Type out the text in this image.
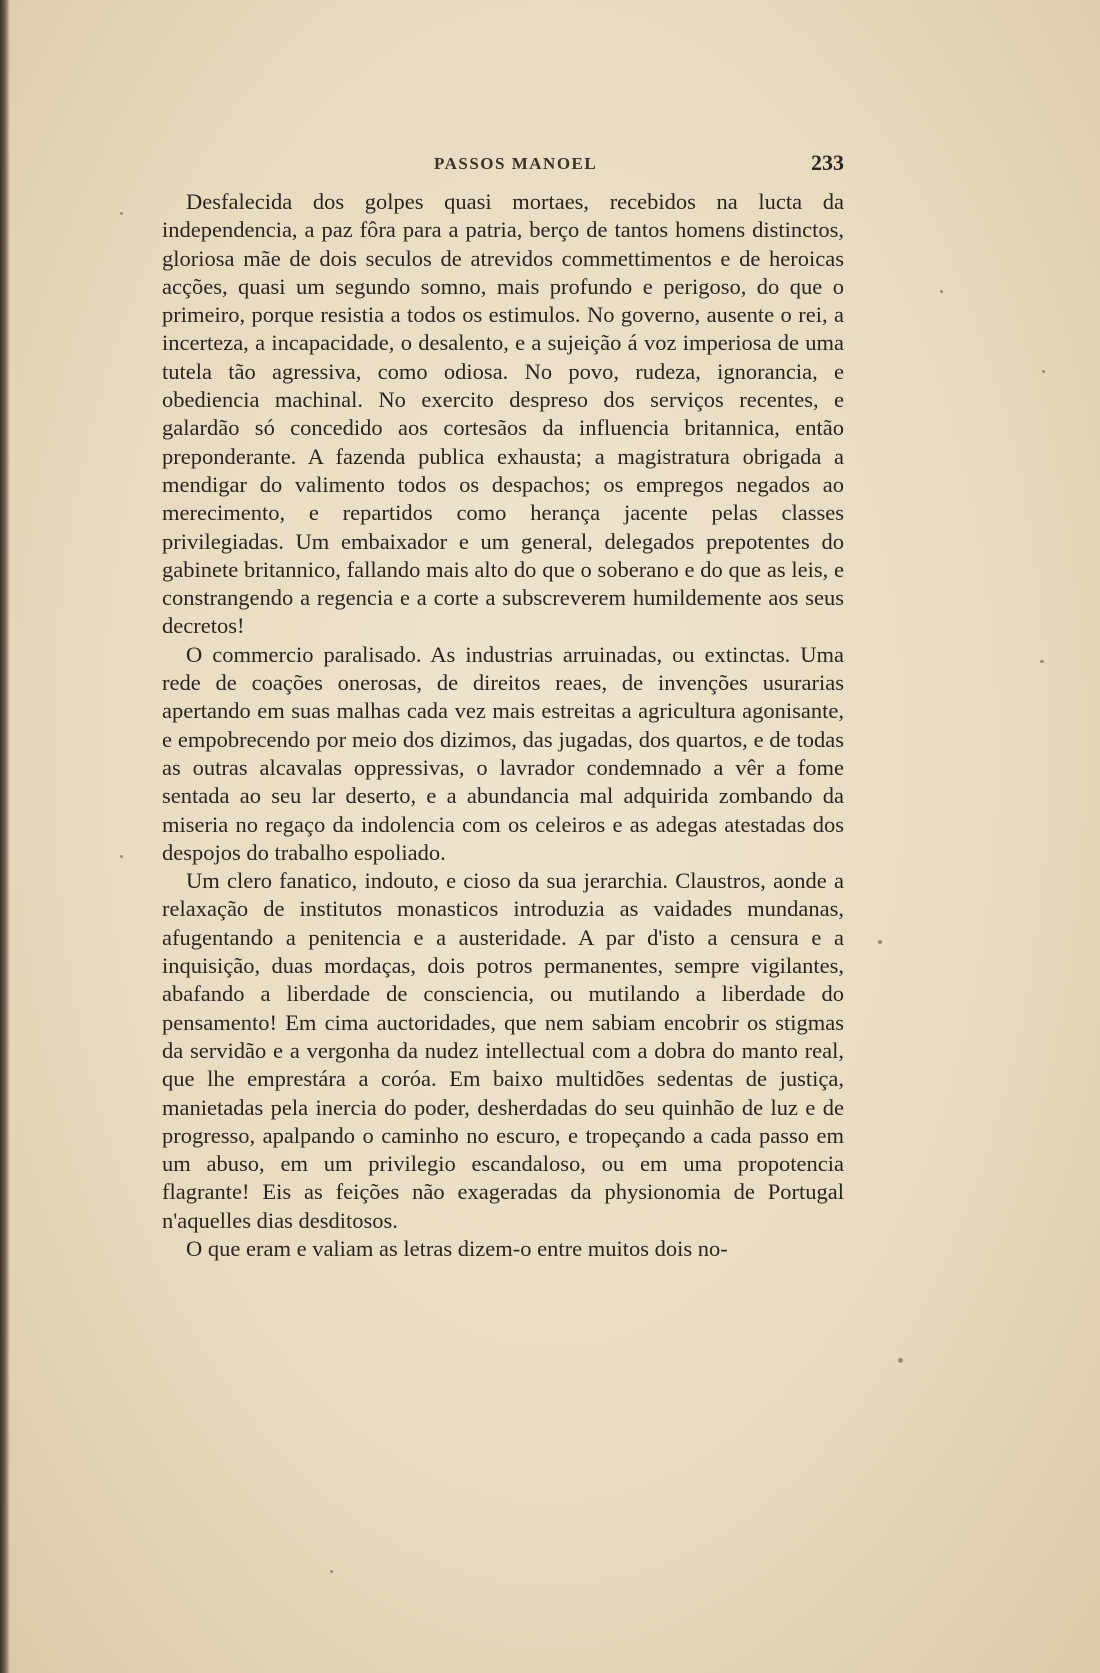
PASSOS MANOEL	233

Desfalecida dos golpes quasi mortaes, recebidos na lucta da independencia, a paz fôra para a patria, berço de tantos homens distinctos, gloriosa mãe de dois seculos de atrevidos commettimentos e de heroicas acções, quasi um segundo somno, mais profundo e perigoso, do que o primeiro, porque resistia a todos os estimulos. No governo, ausente o rei, a incerteza, a incapacidade, o desalento, e a sujeição á voz imperiosa de uma tutela tão agressiva, como odiosa. No povo, rudeza, ignorancia, e obediencia machinal. No exercito despreso dos serviços recentes, e galardão só concedido aos cortesãos da influencia britannica, então preponderante. A fazenda publica exhausta; a magistratura obrigada a mendigar do valimento todos os despachos; os empregos negados ao merecimento, e repartidos como herança jacente pelas classes privilegiadas. Um embaixador e um general, delegados prepotentes do gabinete britannico, fallando mais alto do que o soberano e do que as leis, e constrangendo a regencia e a corte a subscreverem humildemente aos seus decretos!

O commercio paralisado. As industrias arruinadas, ou extinctas. Uma rede de coações onerosas, de direitos reaes, de invenções usurarias apertando em suas malhas cada vez mais estreitas a agricultura agonisante, e empobrecendo por meio dos dizimos, das jugadas, dos quartos, e de todas as outras alcavalas oppressivas, o lavrador condemnado a vêr a fome sentada ao seu lar deserto, e a abundancia mal adquirida zombando da miseria no regaço da indolencia com os celeiros e as adegas atestadas dos despojos do trabalho espoliado.

Um clero fanatico, indouto, e cioso da sua jerarchia. Claustros, aonde a relaxação de institutos monasticos introduzia as vaidades mundanas, afugentando a penitencia e a austeridade. A par d'isto a censura e a inquisição, duas mordaças, dois potros permanentes, sempre vigilantes, abafando a liberdade de consciencia, ou mutilando a liberdade do pensamento! Em cima auctoridades, que nem sabiam encobrir os stigmas da servidão e a vergonha da nudez intellectual com a dobra do manto real, que lhe emprestára a coróa. Em baixo multidões sedentas de justiça, manietadas pela inercia do poder, desherdadas do seu quinhão de luz e de progresso, apalpando o caminho no escuro, e tropeçando a cada passo em um abuso, em um privilegio escandaloso, ou em uma propotencia flagrante! Eis as feições não exageradas da physionomia de Portugal n'aquelles dias desditosos.

O que eram e valiam as letras dizem-o entre muitos dois no-
